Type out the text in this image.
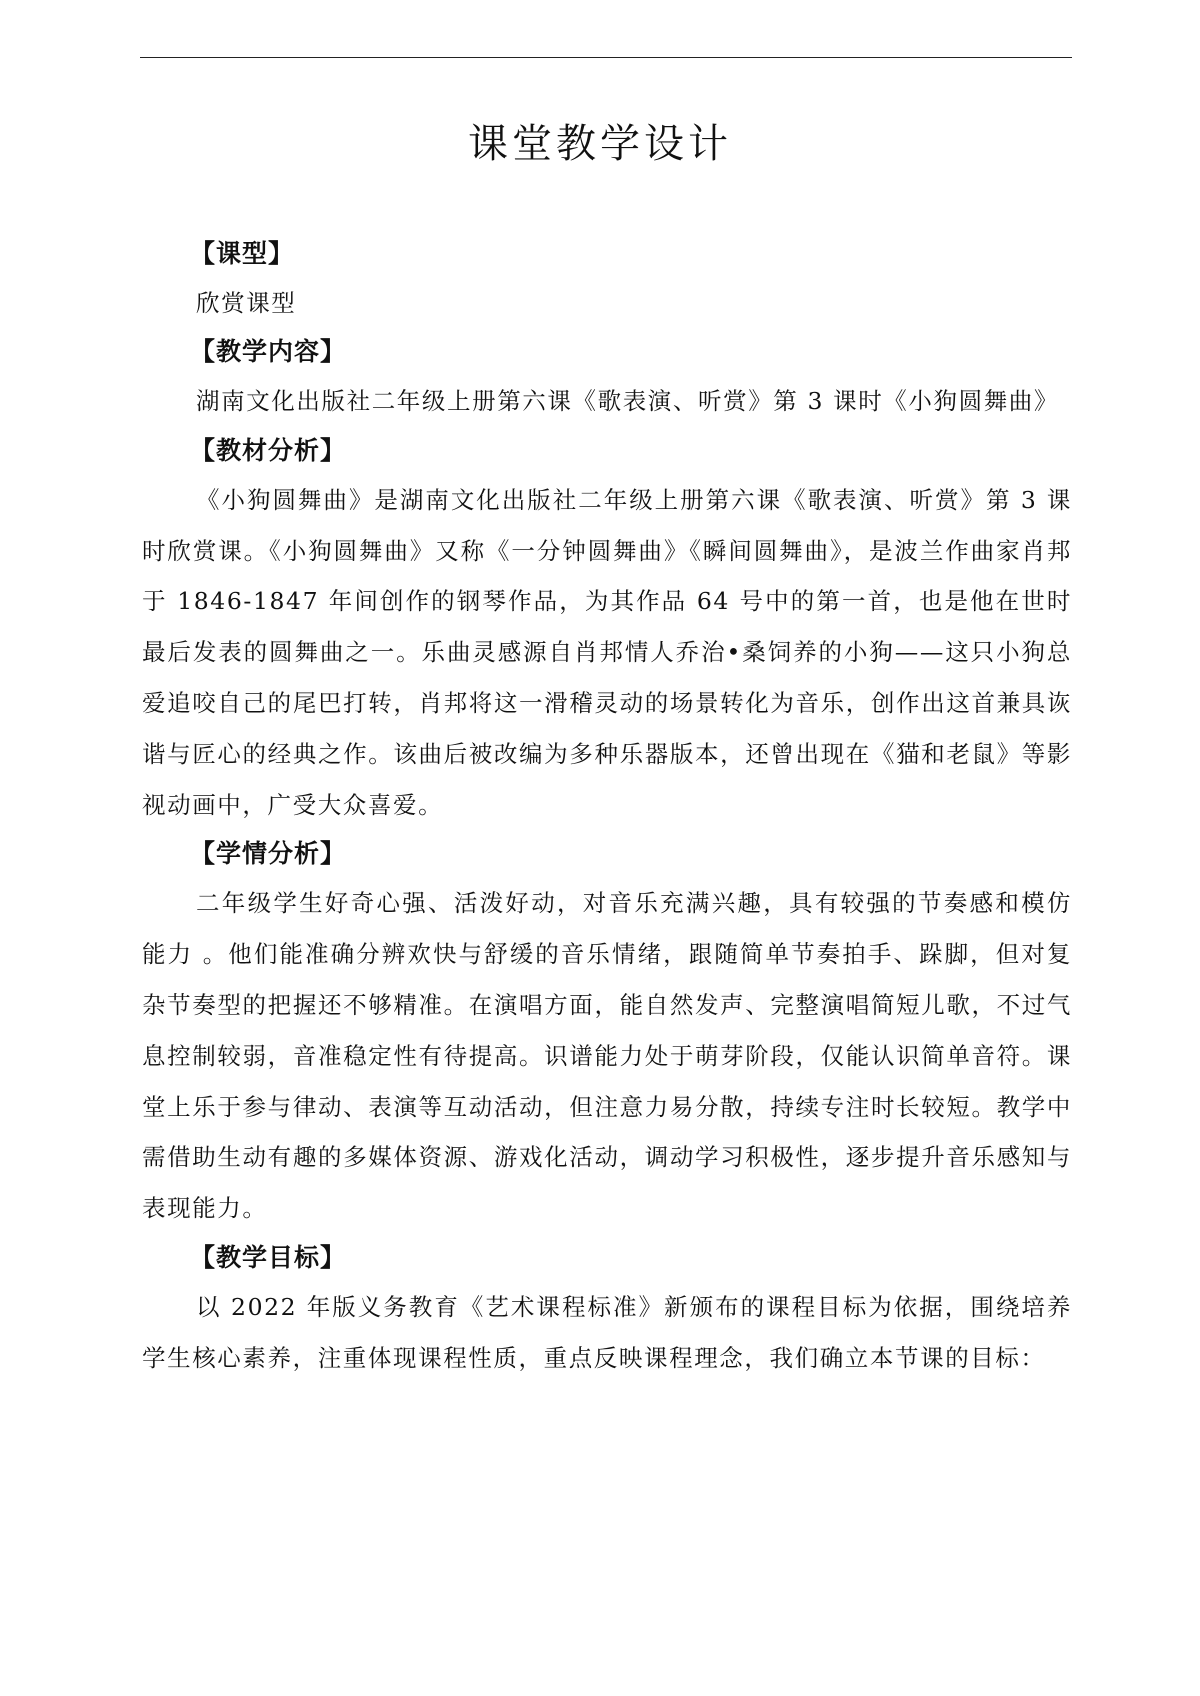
课堂教学设计
【课型】

欣赏课型

【教学内容】

湖南文化出版社二年级上册第六课《歌表演、听赏》第 3 课时《小狗圆舞曲》

【教材分析】

《小狗圆舞曲》是湖南文化出版社二年级上册第六课《歌表演、听赏》第 3 课时欣赏课。《小狗圆舞曲》又称《一分钟圆舞曲》《瞬间圆舞曲》，是波兰作曲家肖邦于 1846-1847 年间创作的钢琴作品，为其作品 64 号中的第一首，也是他在世时最后发表的圆舞曲之一。乐曲灵感源自肖邦情人乔治•桑饲养的小狗——这只小狗总爱追咬自己的尾巴打转，肖邦将这一滑稽灵动的场景转化为音乐，创作出这首兼具诙谐与匠心的经典之作。该曲后被改编为多种乐器版本，还曾出现在《猫和老鼠》等影视动画中，广受大众喜爱。

【学情分析】

二年级学生好奇心强、活泼好动，对音乐充满兴趣，具有较强的节奏感和模仿能力 。他们能准确分辨欢快与舒缓的音乐情绪，跟随简单节奏拍手、跺脚，但对复杂节奏型的把握还不够精准。在演唱方面，能自然发声、完整演唱简短儿歌，不过气息控制较弱，音准稳定性有待提高。识谱能力处于萌芽阶段，仅能认识简单音符。课堂上乐于参与律动、表演等互动活动，但注意力易分散，持续专注时长较短。教学中需借助生动有趣的多媒体资源、游戏化活动，调动学习积极性，逐步提升音乐感知与表现能力。

【教学目标】

以 2022 年版义务教育《艺术课程标准》新颁布的课程目标为依据，围绕培养学生核心素养，注重体现课程性质，重点反映课程理念，我们确立本节课的目标：
